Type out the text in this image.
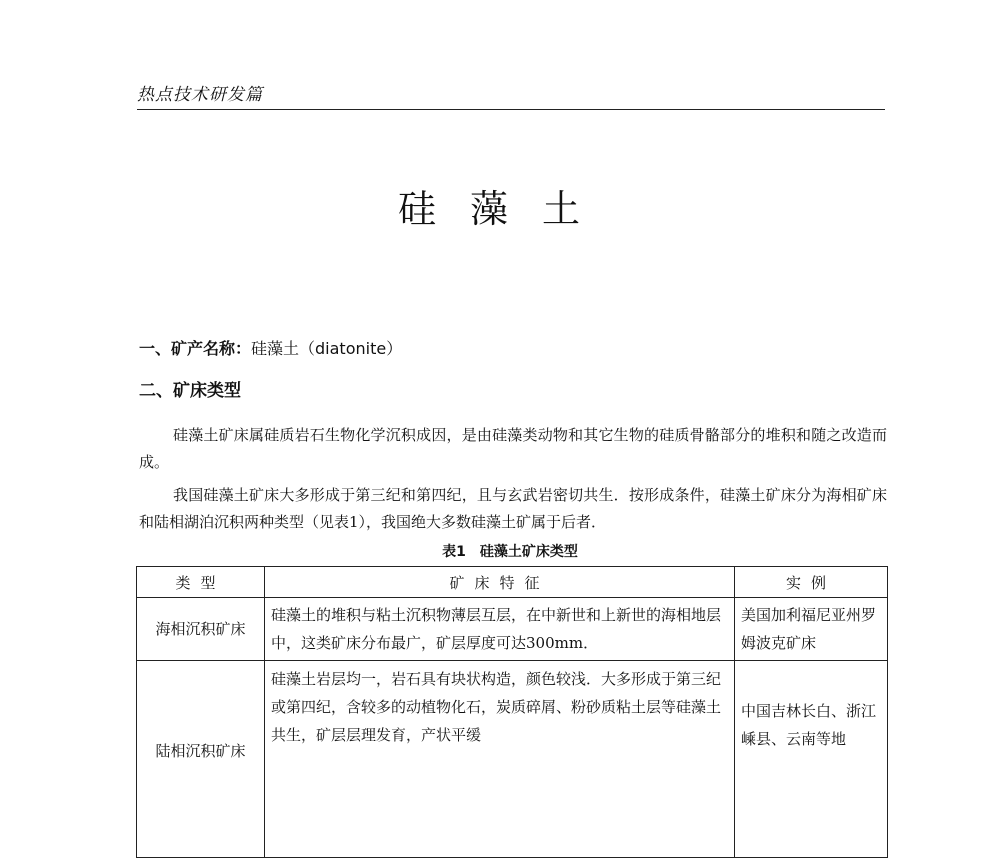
热点技术研发篇
硅藻土
一、矿产名称：硅藻土（diatonite）
二、矿床类型

硅藻土矿床属硅质岩石生物化学沉积成因，是由硅藻类动物和其它生物的硅质骨骼部分的堆积和随之改造而成。

我国硅藻土矿床大多形成于第三纪和第四纪，且与玄武岩密切共生．按形成条件，硅藻土矿床分为海相矿床和陆相湖泊沉积两种类型（见表1），我国绝大多数硅藻土矿属于后者．

表1　硅藻土矿床类型
类型	矿床特征	实例
海相沉积矿床	硅藻土的堆积与粘土沉积物薄层互层，在中新世和上新世的海相地层中，这类矿床分布最广，矿层厚度可达300mm．	美国加利福尼亚州罗姆波克矿床
陆相沉积矿床	硅藻土岩层均一，岩石具有块状构造，颜色较浅．大多形成于第三纪或第四纪，含较多的动植物化石，炭质碎屑、粉砂质粘土层等硅藻土共生，矿层层理发育，产状平缓	中国吉林长白、浙江嵊县、云南等地
